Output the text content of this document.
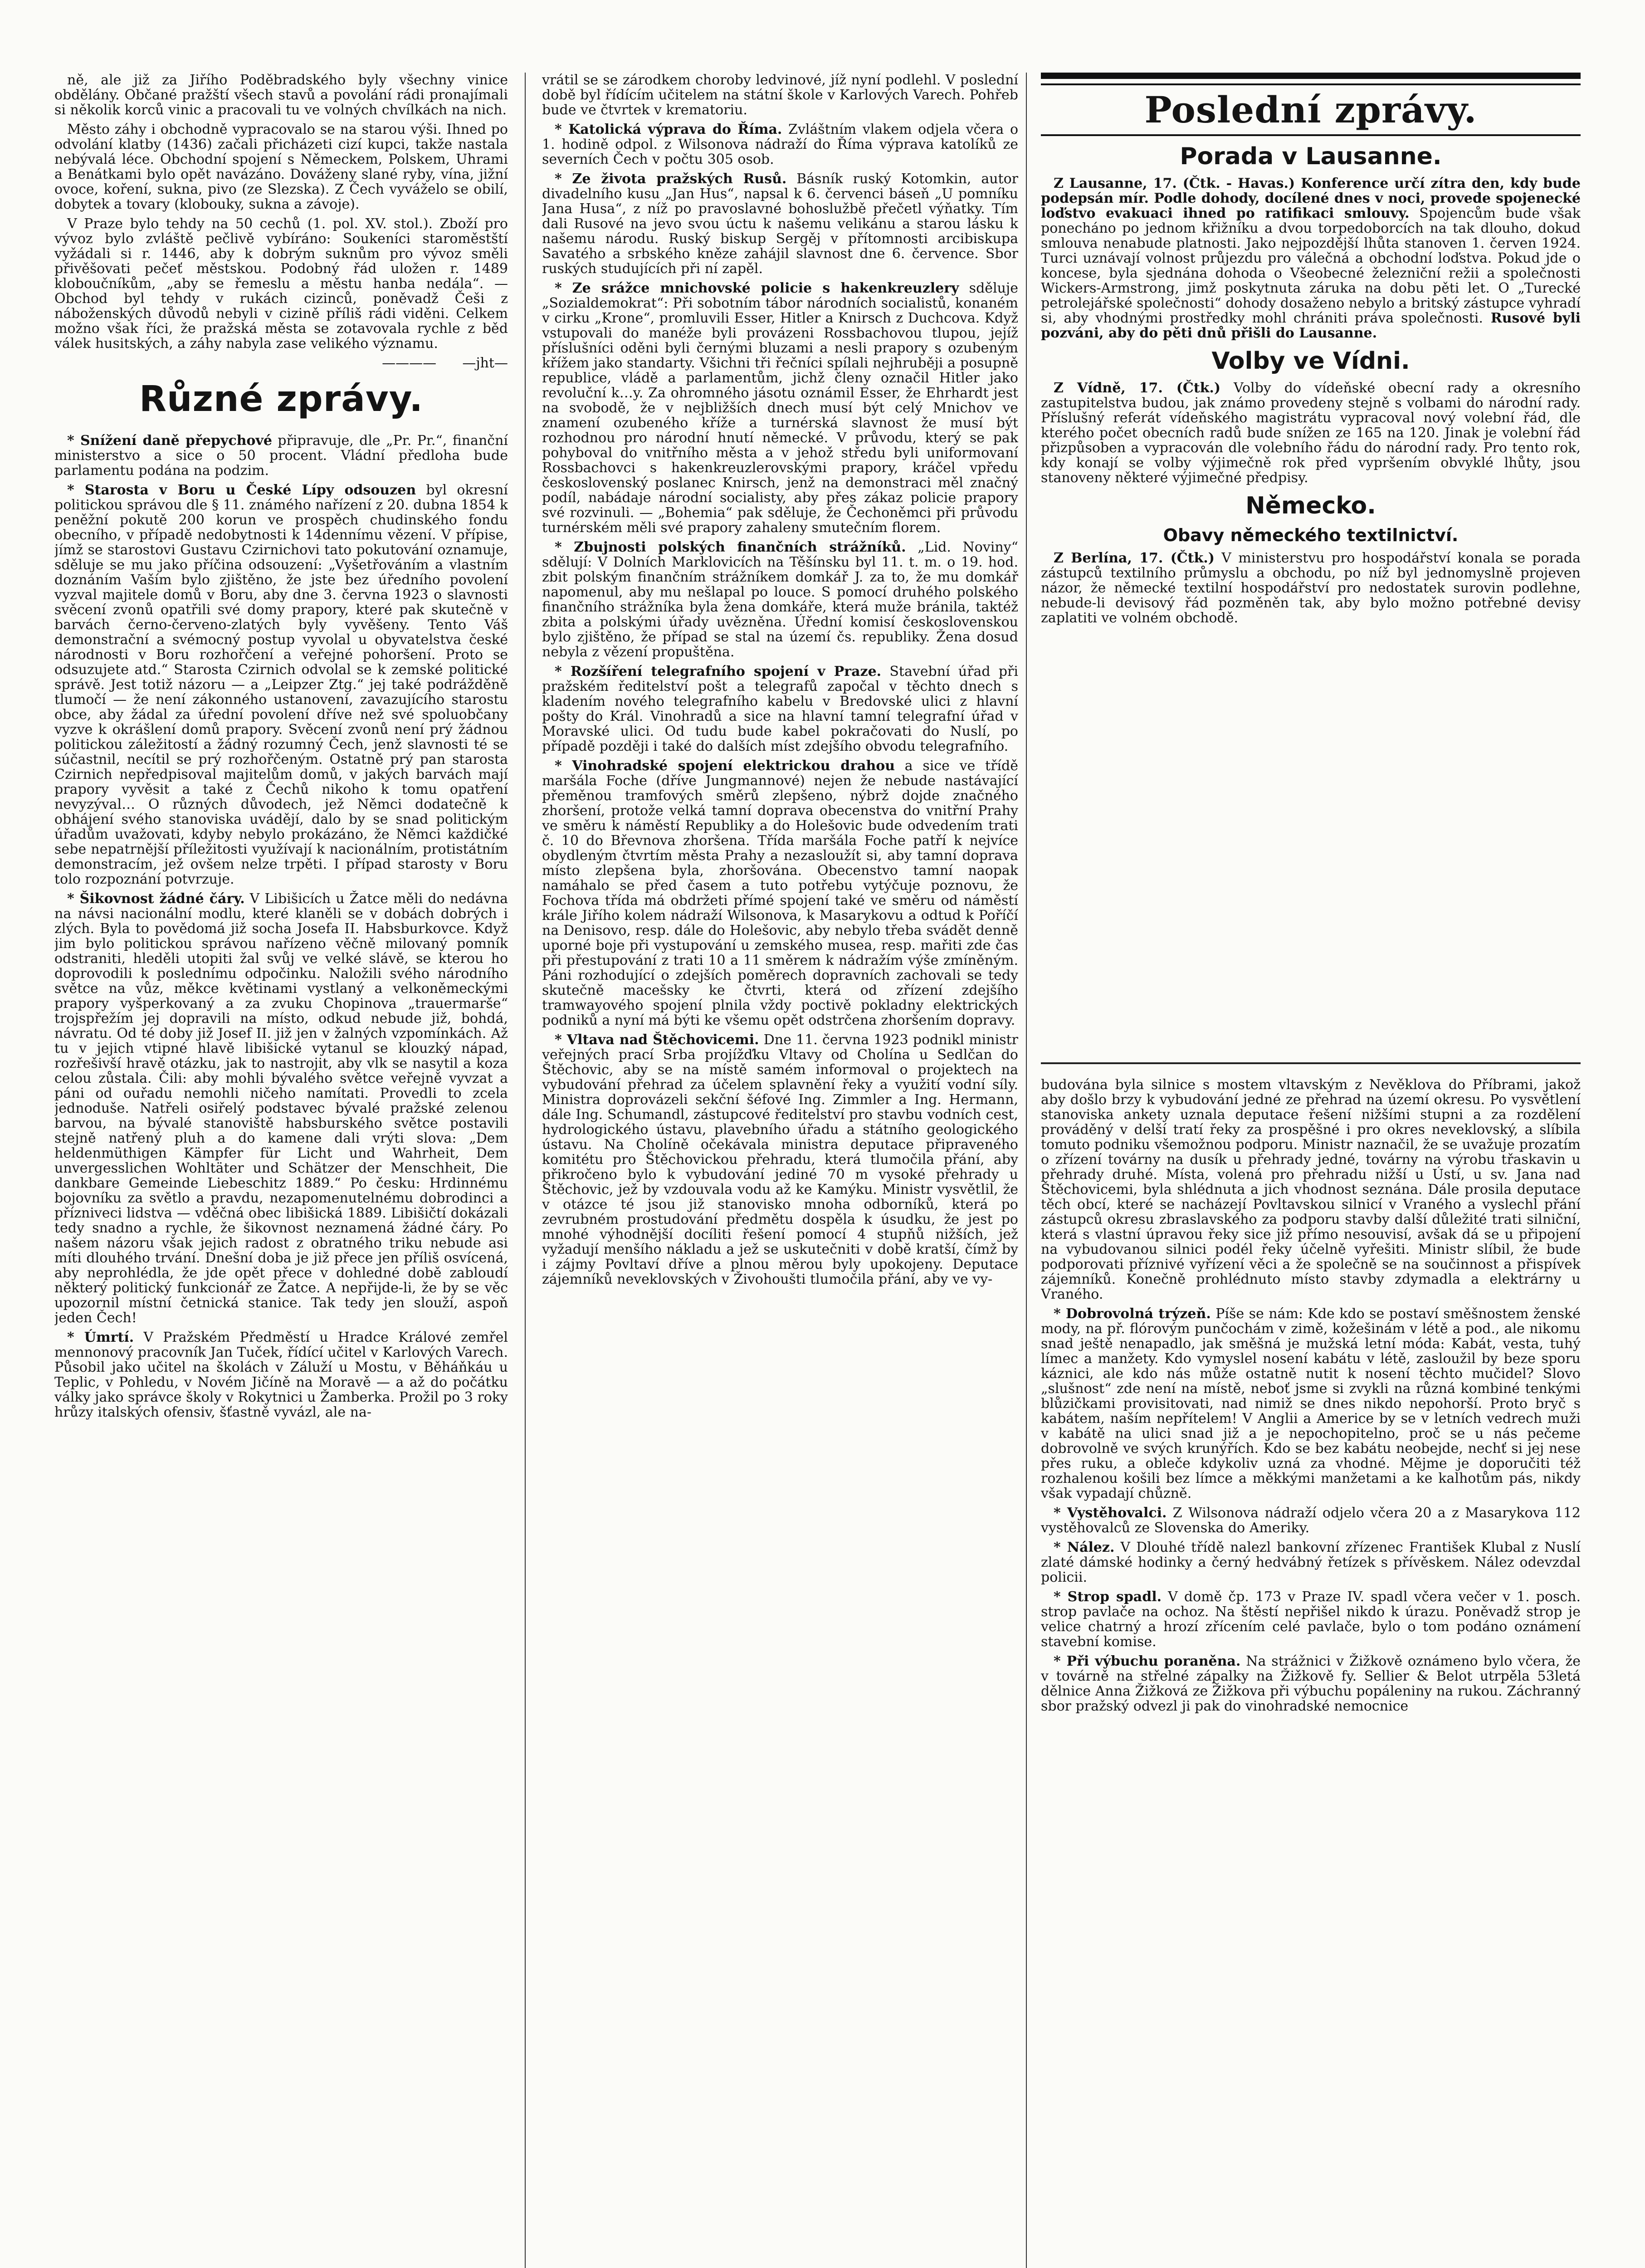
ně, ale již za Jiřího Poděbradského byly všechny vinice obdělány. Občané pražští všech stavů a povolání rádi pronajímali si několik korců vinic a pracovali tu ve volných chvílkách na nich.

Město záhy i obchodně vypracovalo se na starou výši. Ihned po odvolání klatby (1436) začali přicházeti cizí kupci, takže nastala nebývalá léce. Obchodní spojení s Německem, Polskem, Uhrami a Benátkami bylo opět navázáno. Dováženy slané ryby, vína, jižní ovoce, koření, sukna, pivo (ze Slezska). Z Čech vyváželo se obilí, dobytek a tovary (klobouky, sukna a závoje).

V Praze bylo tehdy na 50 cechů (1. pol. XV. stol.). Zboží pro vývoz bylo zvláště pečlivě vybíráno: Soukeníci staroměstští vyžádali si r. 1446, aby k dobrým suknům pro vývoz směli přivěšovati pečeť městskou. Podobný řád uložen r. 1489 kloboučníkům, „aby se řemeslu a městu hanba nedála“. — Obchod byl tehdy v rukách cizinců, poněvadž Češi z náboženských důvodů nebyli v cizině příliš rádi viděni. Celkem možno však říci, že pražská města se zotavovala rychle z běd válek husitských, a záhy nabyla zase velikého významu.

———— —jht—

Různé zprávy.

* Snížení daně přepychové připravuje, dle „Pr. Pr.“, finanční ministerstvo a sice o 50 procent. Vládní předloha bude parlamentu podána na podzim.

* Starosta v Boru u České Lípy odsouzen byl okresní politickou správou dle § 11. známého nařízení z 20. dubna 1854 k peněžní pokutě 200 korun ve prospěch chudinského fondu obecního, v případě nedobytnosti k 14dennímu vězení. V přípise, jímž se starostovi Gustavu Czirnichovi tato pokutování oznamuje, sděluje se mu jako příčina odsouzení: „Vyšetřováním a vlastním doznáním Vaším bylo zjištěno, že jste bez úředního povolení vyzval majitele domů v Boru, aby dne 3. června 1923 o slavnosti svěcení zvonů opatřili své domy prapory, které pak skutečně v barvách černo-červeno-zlatých byly vyvěšeny. Tento Váš demonstrační a svémocný postup vyvolal u obyvatelstva české národnosti v Boru rozhořčení a veřejné pohoršení. Proto se odsuzujete atd.“ Starosta Czirnich odvolal se k zemské politické správě. Jest totiž názoru — a „Leipzer Ztg.“ jej také podrážděně tlumočí — že není zákonného ustanovení, zavazujícího starostu obce, aby žádal za úřední povolení dříve než své spoluobčany vyzve k okrášlení domů prapory. Svěcení zvonů není prý žádnou politickou záležitostí a žádný rozumný Čech, jenž slavnosti té se súčastnil, necítil se prý rozhořčeným. Ostatně prý pan starosta Czirnich nepředpisoval majitelům domů, v jakých barvách mají prapory vyvěsit a také z Čechů nikoho k tomu opatření nevyzýval… O různých důvodech, jež Němci dodatečně k obhájení svého stanoviska uvádějí, dalo by se snad politickým úřadům uvažovati, kdyby nebylo prokázáno, že Němci každičké sebe nepatrnější příležitosti využívají k nacionálním, protistátním demonstracím, jež ovšem nelze trpěti. I případ starosty v Boru tolo rozpoznání potvrzuje.

* Šikovnost žádné čáry. V Libišicích u Žatce měli do nedávna na návsi nacionální modlu, které klaněli se v dobách dobrých i zlých. Byla to povědomá již socha Josefa II. Habsburkovce. Když jim bylo politickou správou nařízeno věčně milovaný pomník odstraniti, hleděli utopiti žal svůj ve velké slávě, se kterou ho doprovodili k poslednímu odpočinku. Naložili svého národního světce na vůz, měkce květinami vystlaný a velkoněmeckými prapory vyšperkovaný a za zvuku Chopinova „trauermarše“ trojspřežím jej dopravili na místo, odkud nebude již, bohdá, návratu. Od té doby již Josef II. již jen v žalných vzpomínkách. Až tu v jejich vtipné hlavě libišické vytanul se klouzký nápad, rozřešivší hravě otázku, jak to nastrojit, aby vlk se nasytil a koza celou zůstala. Čili: aby mohli bývalého světce veřejně vyvzat a páni od ouřadu nemohli ničeho namítati. Provedli to zcela jednoduše. Natřeli osiřelý podstavec bývalé pražské zelenou barvou, na bývalé stanoviště habsburského světce postavili stejně natřený pluh a do kamene dali vrýti slova: „Dem heldenmüthigen Kämpfer für Licht und Wahrheit, Dem unvergesslichen Wohltäter und Schätzer der Menschheit, Die dankbare Gemeinde Liebeschitz 1889.“ Po česku: Hrdinnému bojovníku za světlo a pravdu, nezapomenutelnému dobrodinci a přízniveci lidstva — vděčná obec libišická 1889. Libišičtí dokázali tedy snadno a rychle, že šikovnost neznamená žádné čáry. Po našem názoru však jejich radost z obratného triku nebude asi míti dlouhého trvání. Dnešní doba je již přece jen příliš osvícená, aby neprohlédla, že jde opět přece v dohledné době zabloudí některý politický funkcionář ze Žatce. A nepřijde-li, že by se věc upozornil místní četnická stanice. Tak tedy jen slouží, aspoň jeden Čech!

* Úmrtí. V Pražském Předměstí u Hradce Králové zemřel mennonový pracovník Jan Tuček, řídící učitel v Karlových Varech. Působil jako učitel na školách v Záluží u Mostu, v Běháňkáu u Teplic, v Pohledu, v Novém Jičíně na Moravě — a až do počátku války jako správce školy v Rokytnici u Žamberka. Prožil po 3 roky hrůzy italských ofensiv, šťastně vyvázl, ale na-

vrátil se se zárodkem choroby ledvinové, jíž nyní podlehl. V poslední době byl řídícím učitelem na státní škole v Karlových Varech. Pohřeb bude ve čtvrtek v krematoriu.

* Katolická výprava do Říma. Zvláštním vlakem odjela včera o 1. hodině odpol. z Wilsonova nádraží do Říma výprava katolíků ze severních Čech v počtu 305 osob.

* Ze života pražských Rusů. Básník ruský Kotomkin, autor divadelního kusu „Jan Hus“, napsal k 6. červenci báseň „U pomníku Jana Husa“, z níž po pravoslavné bohoslužbě přečetl výňatky. Tím dali Rusové na jevo svou úctu k našemu velikánu a starou lásku k našemu národu. Ruský biskup Sergěj v přítomnosti arcibiskupa Savatého a srbského kněze zahájil slavnost dne 6. července. Sbor ruských studujících při ní zapěl.

* Ze srážce mnichovské policie s hakenkreuzlery sděluje „Sozialdemokrat“: Při sobotním tábor národních socialistů, konaném v cirku „Krone“, promluvili Esser, Hitler a Knirsch z Duchcova. Když vstupovali do manéže byli provázeni Rossbachovou tlupou, jejíž příslušníci oděni byli černými bluzami a nesli prapory s ozubeným křížem jako standarty. Všichni tři řečníci spílali nejhruběji a posupně republice, vládě a parlamentům, jichž členy označil Hitler jako revoluční k…y. Za ohromného jásotu oznámil Esser, že Ehrhardt jest na svobodě, že v nejbližších dnech musí být celý Mnichov ve znamení ozubeného kříže a turnérská slavnost že musí být rozhodnou pro národní hnutí německé. V průvodu, který se pak pohyboval do vnitřního města a v jehož středu byli uniformovaní Rossbachovci s hakenkreuzlerovskými prapory, kráčel vpředu československý poslanec Knirsch, jenž na demonstraci měl značný podíl, nabádaje národní socialisty, aby přes zákaz policie prapory své rozvinuli. — „Bohemia“ pak sděluje, že Čechoněmci při průvodu turnérském měli své prapory zahaleny smutečním florem.

* Zbujnosti polských finančních strážníků. „Lid. Noviny“ sdělují: V Dolních Marklovicích na Těšínsku byl 11. t. m. o 19. hod. zbit polským finančním strážníkem domkář J. za to, že mu domkář napomenul, aby mu nešlapal po louce. S pomocí druhého polského finančního strážníka byla žena domkáře, která muže bránila, taktéž zbita a polskými úřady uvězněna. Úřední komisí československou bylo zjištěno, že případ se stal na území čs. republiky. Žena dosud nebyla z vězení propuštěna.

* Rozšíření telegrafního spojení v Praze. Stavební úřad při pražském ředitelství pošt a telegrafů započal v těchto dnech s kladením nového telegrafního kabelu v Bredovské ulici z hlavní pošty do Král. Vinohradů a sice na hlavní tamní telegrafní úřad v Moravské ulici. Od tudu bude kabel pokračovati do Nuslí, po případě později i také do dalších míst zdejšího obvodu telegrafního.

* Vinohradské spojení elektrickou drahou a sice ve třídě maršála Foche (dříve Jungmannové) nejen že nebude nastávající přeměnou tramfových směrů zlepšeno, nýbrž dojde značného zhoršení, protože velká tamní doprava obecenstva do vnitřní Prahy ve směru k náměstí Republiky a do Holešovic bude odvedením trati č. 10 do Břevnova zhoršena. Třída maršála Foche patří k nejvíce obydleným čtvrtím města Prahy a nezasloužít si, aby tamní doprava místo zlepšena byla, zhoršována. Obecenstvo tamní naopak namáhalo se před časem a tuto potřebu vytýčuje poznovu, že Fochova třída má obdržeti přímé spojení také ve směru od náměstí krále Jiřího kolem nádraží Wilsonova, k Masarykovu a odtud k Poříčí na Denisovo, resp. dále do Holešovic, aby nebylo třeba svádět denně uporné boje při vystupování u zemského musea, resp. mařiti zde čas při přestupování z trati 10 a 11 směrem k nádražím výše zmíněným. Páni rozhodující o zdejších poměrech dopravních zachovali se tedy skutečně macešsky ke čtvrti, která od zřízení zdejšího tramwayového spojení plnila vždy poctivě pokladny elektrických podniků a nyní má býti ke všemu opět odstrčena zhoršením dopravy.

* Vltava nad Štěchovicemi. Dne 11. června 1923 podnikl ministr veřejných prací Srba projížďku Vltavy od Cholína u Sedlčan do Štěchovic, aby se na místě samém informoval o projektech na vybudování přehrad za účelem splavnění řeky a využití vodní síly. Ministra doprovázeli sekční šéfové Ing. Zimmler a Ing. Hermann, dále Ing. Schumandl, zástupcové ředitelství pro stavbu vodních cest, hydrologického ústavu, plavebního úřadu a státního geologického ústavu. Na Cholíně očekávala ministra deputace připraveného komitétu pro Štěchovickou přehradu, která tlumočila přání, aby přikročeno bylo k vybudování jediné 70 m vysoké přehrady u Štěchovic, jež by vzdouvala vodu až ke Kamýku. Ministr vysvětlil, že v otázce té jsou již stanovisko mnoha odborníků, která po zevrubném prostudování předmětu dospěla k úsudku, že jest po mnohé výhodnější docíliti řešení pomocí 4 stupňů nižších, jež vyžadují menšího nákladu a jež se uskutečniti v době kratší, čímž by i zájmy Povltaví dříve a plnou měrou byly upokojeny. Deputace zájemníků neveklovských v Živohoušti tlumočila přání, aby ve vy-

Poslední zprávy.
Porada v Lausanne.

Z Lausanne, 17. (Čtk. - Havas.) Konference určí zítra den, kdy bude podepsán mír. Podle dohody, docílené dnes v noci, provede spojenecké loďstvo evakuaci ihned po ratifikaci smlouvy. Spojencům bude však ponecháno po jednom křižníku a dvou torpedoborcích na tak dlouho, dokud smlouva nenabude platnosti. Jako nejpozdější lhůta stanoven 1. červen 1924. Turci uznávají volnost průjezdu pro válečná a obchodní loďstva. Pokud jde o koncese, byla sjednána dohoda o Všeobecné železniční režii a společnosti Wickers-Armstrong, jimž poskytnuta záruka na dobu pěti let. O „Turecké petrolejářské společnosti“ dohody dosaženo nebylo a britský zástupce vyhradí si, aby vhodnými prostředky mohl chrániti práva společnosti. Rusové byli pozváni, aby do pěti dnů přišli do Lausanne.

Volby ve Vídni.

Z Vídně, 17. (Čtk.) Volby do vídeňské obecní rady a okresního zastupitelstva budou, jak známo provedeny stejně s volbami do národní rady. Příslušný referát vídeňského magistrátu vypracoval nový volební řád, dle kterého počet obecních radů bude snížen ze 165 na 120. Jinak je volební řád přizpůsoben a vypracován dle volebního řádu do národní rady. Pro tento rok, kdy konají se volby výjimečně rok před vypršením obvyklé lhůty, jsou stanoveny některé výjimečné předpisy.

Německo.
Obavy německého textilnictví.

Z Berlína, 17. (Čtk.) V ministerstvu pro hospodářství konala se porada zástupců textilního průmyslu a obchodu, po níž byl jednomyslně projeven názor, že německé textilní hospodářství pro nedostatek surovin podlehne, nebude-li devisový řád pozměněn tak, aby bylo možno potřebné devisy zaplatiti ve volném obchodě.

budována byla silnice s mostem vltavským z Nevěklova do Příbrami, jakož aby došlo brzy k vybudování jedné ze přehrad na území okresu. Po vysvětlení stanoviska ankety uznala deputace řešení nižšími stupni a za rozdělení prováděný v delší tratí řeky za prospěšné i pro okres neveklovský, a slíbila tomuto podniku všemožnou podporu. Ministr naznačil, že se uvažuje prozatím o zřízení továrny na dusík u přehrady jedné, továrny na výrobu třaskavin u přehrady druhé. Místa, volená pro přehradu nižší u Ústí, u sv. Jana nad Štěchovicemi, byla shlédnuta a jich vhodnost seznána. Dále prosila deputace těch obcí, které se nacházejí Povltavskou silnicí v Vraného a vyslechl přání zástupců okresu zbraslavského za podporu stavby další důležité trati silniční, která s vlastní úpravou řeky sice již přímo nesouvisí, avšak dá se u připojení na vybudovanou silnici podél řeky účelně vyřešiti. Ministr slíbil, že bude podporovati příznivé vyřízení věci a že společně se na součinnost a přispívek zájemníků. Konečně prohlédnuto místo stavby zdymadla a elektrárny u Vraného.

* Dobrovolná trýzeň. Píše se nám: Kde kdo se postaví směšnostem ženské mody, na př. flórovým punčochám v zimě, kožešinám v létě a pod., ale nikomu snad ještě nenapadlo, jak směšná je mužská letní móda: Kabát, vesta, tuhý límec a manžety. Kdo vymyslel nosení kabátu v létě, zasloužil by beze sporu káznici, ale kdo nás může ostatně nutit k nosení těchto mučidel? Slovo „slušnost“ zde není na místě, neboť jsme si zvykli na různá kombiné tenkými blůzičkami provisitovati, nad nimiž se dnes nikdo nepohorší. Proto bryč s kabátem, naším nepřítelem! V Anglii a Americe by se v letních vedrech muži v kabátě na ulici snad již a je nepochopitelno, proč se u nás pečeme dobrovolně ve svých krunýřích. Kdo se bez kabátu neobejde, nechť si jej nese přes ruku, a obleče kdykoliv uzná za vhodné. Mějme je doporučiti též rozhalenou košili bez límce a měkkými manžetami a ke kalhotům pás, nikdy však vypadají chůzně.

* Vystěhovalci. Z Wilsonova nádraží odjelo včera 20 a z Masarykova 112 vystěhovalců ze Slovenska do Ameriky.

* Nález. V Dlouhé třídě nalezl bankovní zřízenec František Klubal z Nuslí zlaté dámské hodinky a černý hedvábný řetízek s přívěskem. Nález odevzdal policii.

* Strop spadl. V domě čp. 173 v Praze IV. spadl včera večer v 1. posch. strop pavlače na ochoz. Na štěstí nepřišel nikdo k úrazu. Poněvadž strop je velice chatrný a hrozí zřícením celé pavlače, bylo o tom podáno oznámení stavební komise.

* Při výbuchu poraněna. Na strážnici v Žižkově oznámeno bylo včera, že v továrně na střelné zápalky na Žižkově fy. Sellier & Belot utrpěla 53letá dělnice Anna Žižková ze Žižkova při výbuchu popáleniny na rukou. Záchranný sbor pražský odvezl ji pak do vinohradské nemocnice
